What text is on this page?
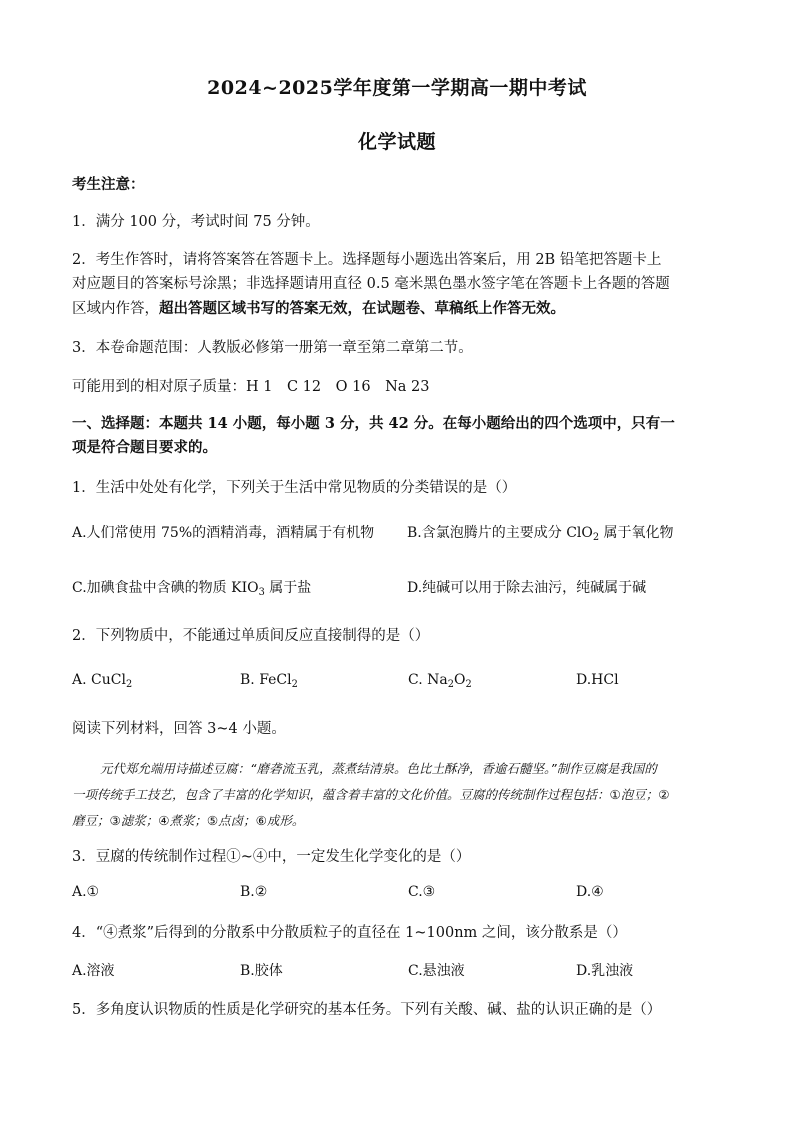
2024~2025学年度第一学期高一期中考试
化学试题
考生注意：
1．满分 100 分，考试时间 75 分钟。
2．考生作答时，请将答案答在答题卡上。选择题每小题选出答案后，用 2B 铅笔把答题卡上
对应题目的答案标号涂黑；非选择题请用直径 0.5 毫米黑色墨水签字笔在答题卡上各题的答题
区域内作答，超出答题区域书写的答案无效，在试题卷、草稿纸上作答无效。
3．本卷命题范围：人教版必修第一册第一章至第二章第二节。
可能用到的相对原子质量：H 1　C 12　O 16　Na 23
一、选择题：本题共 14 小题，每小题 3 分，共 42 分。在每小题给出的四个选项中，只有一
项是符合题目要求的。
1．生活中处处有化学，下列关于生活中常见物质的分类错误的是（）
A.人们常使用 75%的酒精消毒，酒精属于有机物 B.含氯泡腾片的主要成分 ClO$_2$ 属于氧化物
C.加碘食盐中含碘的物质 $KIO_3$ 属于盐	D.纯碱可以用于除去油污，纯碱属于碱
2．下列物质中，不能通过单质间反应直接制得的是（）
A. CuCl$_2$	B. FeCl$_2$	C. $Na_2O_2$	D.HCl
阅读下列材料，回答 3~4 小题。
元代郑允端用诗描述豆腐：“磨砻流玉乳，蒸煮结清泉。色比土酥净，香逾石髓坚。”制作豆腐是我国的
一项传统手工技艺，包含了丰富的化学知识，蕴含着丰富的文化价值。豆腐的传统制作过程包括：①泡豆；②
磨豆；③滤浆；④煮浆；⑤点卤；⑥成形。
3．豆腐的传统制作过程①~④中，一定发生化学变化的是（）
A.①	B.②	C.③	D.④
4．“④煮浆”后得到的分散系中分散质粒子的直径在 1~100nm 之间，该分散系是（）
A.溶液	B.胶体	C.悬浊液	D.乳浊液
5．多角度认识物质的性质是化学研究的基本任务。下列有关酸、碱、盐的认识正确的是（）
